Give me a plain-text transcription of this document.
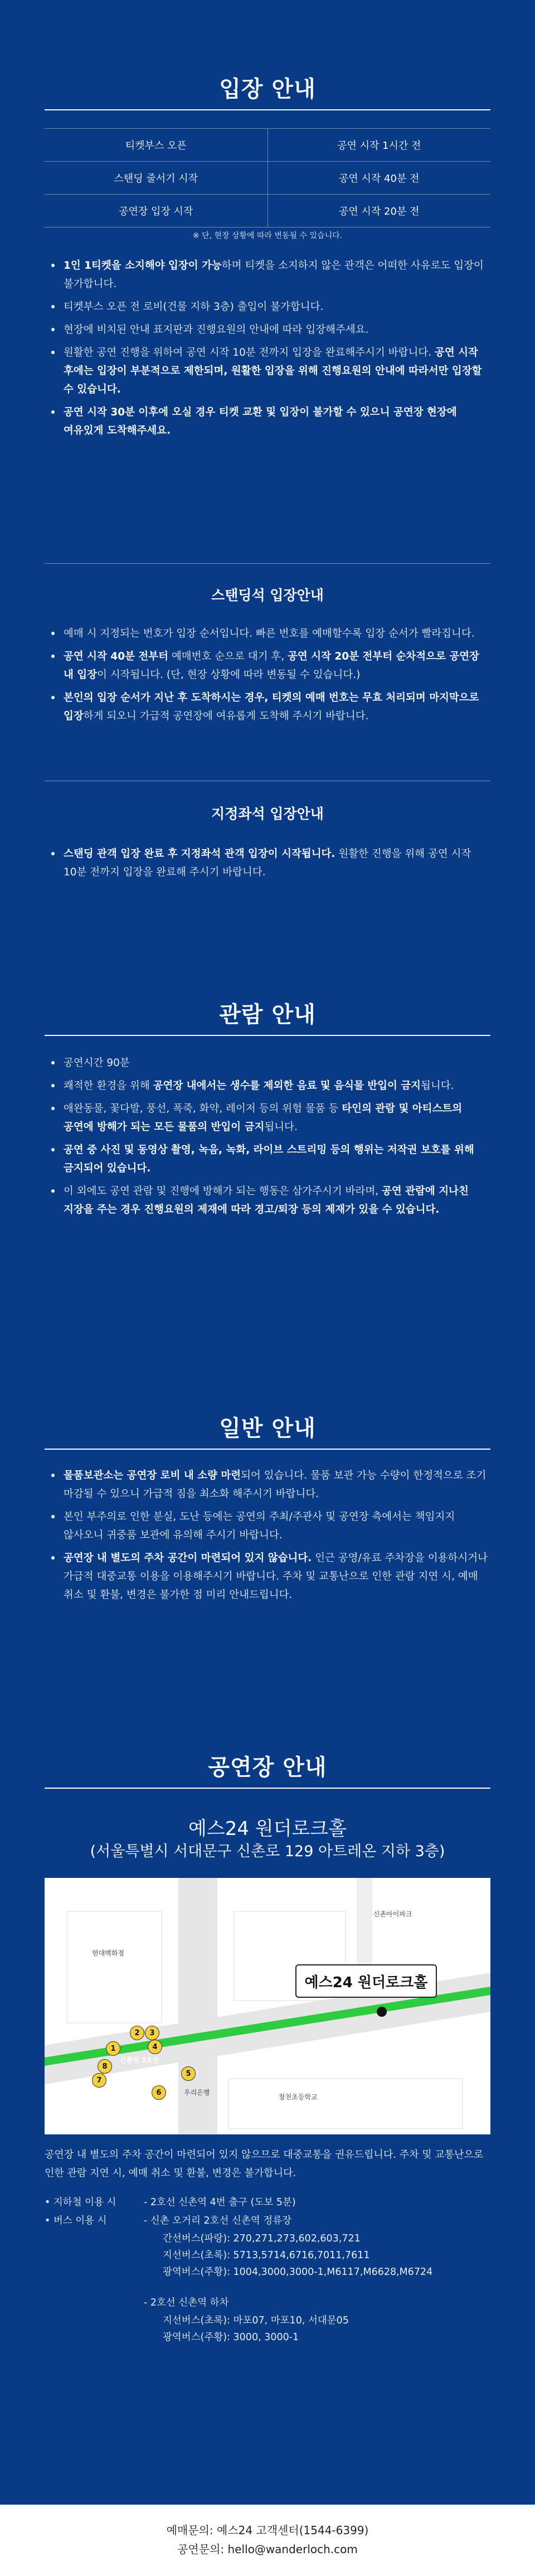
입장 안내
티켓부스 오픈	공연 시작 1시간 전
스탠딩 줄서기 시작	공연 시작 40분 전
공연장 입장 시작	공연 시작 20분 전
※ 단, 현장 상황에 따라 변동될 수 있습니다.
1인 1티켓을 소지해야 입장이 가능하며 티켓을 소지하지 않은 관객은 어떠한 사유로도 입장이 불가합니다.
티켓부스 오픈 전 로비(건물 지하 3층) 출입이 불가합니다.
현장에 비치된 안내 표지판과 진행요원의 안내에 따라 입장해주세요.
원활한 공연 진행을 위하여 공연 시작 10분 전까지 입장을 완료해주시기 바랍니다. 공연 시작 후에는 입장이 부분적으로 제한되며, 원활한 입장을 위해 진행요원의 안내에 따라서만 입장할 수 있습니다.
공연 시작 30분 이후에 오실 경우 티켓 교환 및 입장이 불가할 수 있으니 공연장 현장에 여유있게 도착해주세요.
스탠딩석 입장안내
예매 시 지정되는 번호가 입장 순서입니다. 빠른 번호를 예매할수록 입장 순서가 빨라집니다.
공연 시작 40분 전부터 예매번호 순으로 대기 후, 공연 시작 20분 전부터 순차적으로 공연장 내 입장이 시작됩니다. (단, 현장 상황에 따라 변동될 수 있습니다.)
본인의 입장 순서가 지난 후 도착하시는 경우, 티켓의 예매 번호는 무효 처리되며 마지막으로 입장하게 되오니 가급적 공연장에 여유롭게 도착해 주시기 바랍니다.
지정좌석 입장안내
스탠딩 관객 입장 완료 후 지정좌석 관객 입장이 시작됩니다. 원활한 진행을 위해 공연 시작 10분 전까지 입장을 완료해 주시기 바랍니다.
관람 안내
공연시간 90분
쾌적한 환경을 위해 공연장 내에서는 생수를 제외한 음료 및 음식물 반입이 금지됩니다.
애완동물, 꽃다발, 풍선, 폭죽, 화약, 레이저 등의 위험 물품 등 타인의 관람 및 아티스트의 공연에 방해가 되는 모든 물품의 반입이 금지됩니다.
공연 중 사진 및 동영상 촬영, 녹음, 녹화, 라이브 스트리밍 등의 행위는 저작권 보호를 위해 금지되어 있습니다.
이 외에도 공연 관람 및 진행에 방해가 되는 행동은 삼가주시기 바라며, 공연 관람에 지나친 지장을 주는 경우 진행요원의 제재에 따라 경고/퇴장 등의 제재가 있을 수 있습니다.
일반 안내
물품보관소는 공연장 로비 내 소량 마련되어 있습니다. 물품 보관 가능 수량이 한정적으로 조기 마감될 수 있으니 가급적 짐을 최소화 해주시기 바랍니다.
본인 부주의로 인한 분실, 도난 등에는 공연의 주최/주관사 및 공연장 측에서는 책임지지 않사오니 귀중품 보관에 유의해 주시기 바랍니다.
공연장 내 별도의 주차 공간이 마련되어 있지 않습니다. 인근 공영/유료 주차장을 이용하시거나 가급적 대중교통 이용을 이용해주시기 바랍니다. 주차 및 교통난으로 인한 관람 지연 시, 예매 취소 및 환불, 변경은 불가한 점 미리 안내드립니다.
공연장 안내
예스24 원더로크홀
(서울특별시 서대문구 신촌로 129 아트레온 지하 3층)
신촌아이파크
현대백화점
신촌역 2호선
우리은행
창천초등학교
예스24 원더로크홀
2	3
1	4
5
6
7
8
공연장 내 별도의 주차 공간이 마련되어 있지 않으므로 대중교통을 권유드립니다. 주차 및 교통난으로 인한 관람 지연 시, 예매 취소 및 환불, 변경은 불가합니다.
• 지하철 이용 시	- 2호선 신촌역 4번 출구 (도보 5분)
• 버스 이용 시	- 신촌 오거리 2호선 신촌역 정류장
간선버스(파랑): 270,271,273,602,603,721
지선버스(초록): 5713,5714,6716,7011,7611
광역버스(주황): 1004,3000,3000-1,M6117,M6628,M6724
- 2호선 신촌역 하차
지선버스(초록): 마포07, 마포10, 서대문05
광역버스(주황): 3000, 3000-1
예매문의: 예스24 고객센터(1544-6399)
공연문의: hello@wanderloch.com
